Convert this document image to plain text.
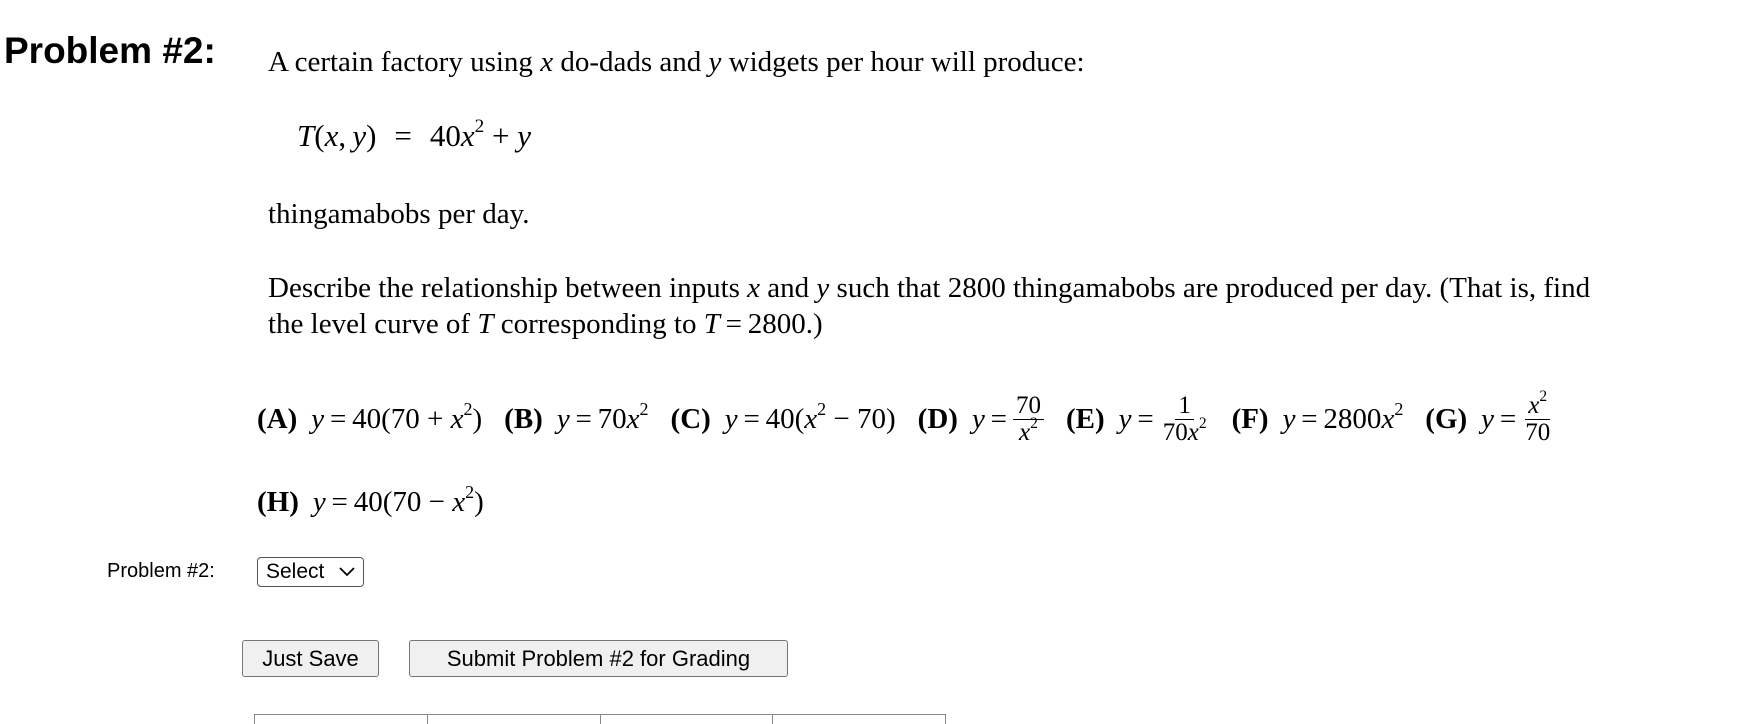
Problem #2: A certain factory using x do-dads and y widgets per hour will produce:
T(x, $y) = 40x^2 + y$
thingamabobs per day.
Describe the relationship between inputs x and y such that 2800 thingamabobs are produced per day. (That is, find
the level curve of T corresponding to T = 2800.)
(A) $y = 40(70 + x^2)$ (B) $y = 70x^2$ (C) $y = 40(x^2 - 70)$ (D) $y = \frac{70}{x^2} (E) y = \frac{1}{70x^2} (F) y = 2800x^2$ (G) $y = \frac{x^2}{70}$
(H) $y = 40(70 - x^2)$
Problem #2: Select
Just Save	Submit Problem #2 for Grading
